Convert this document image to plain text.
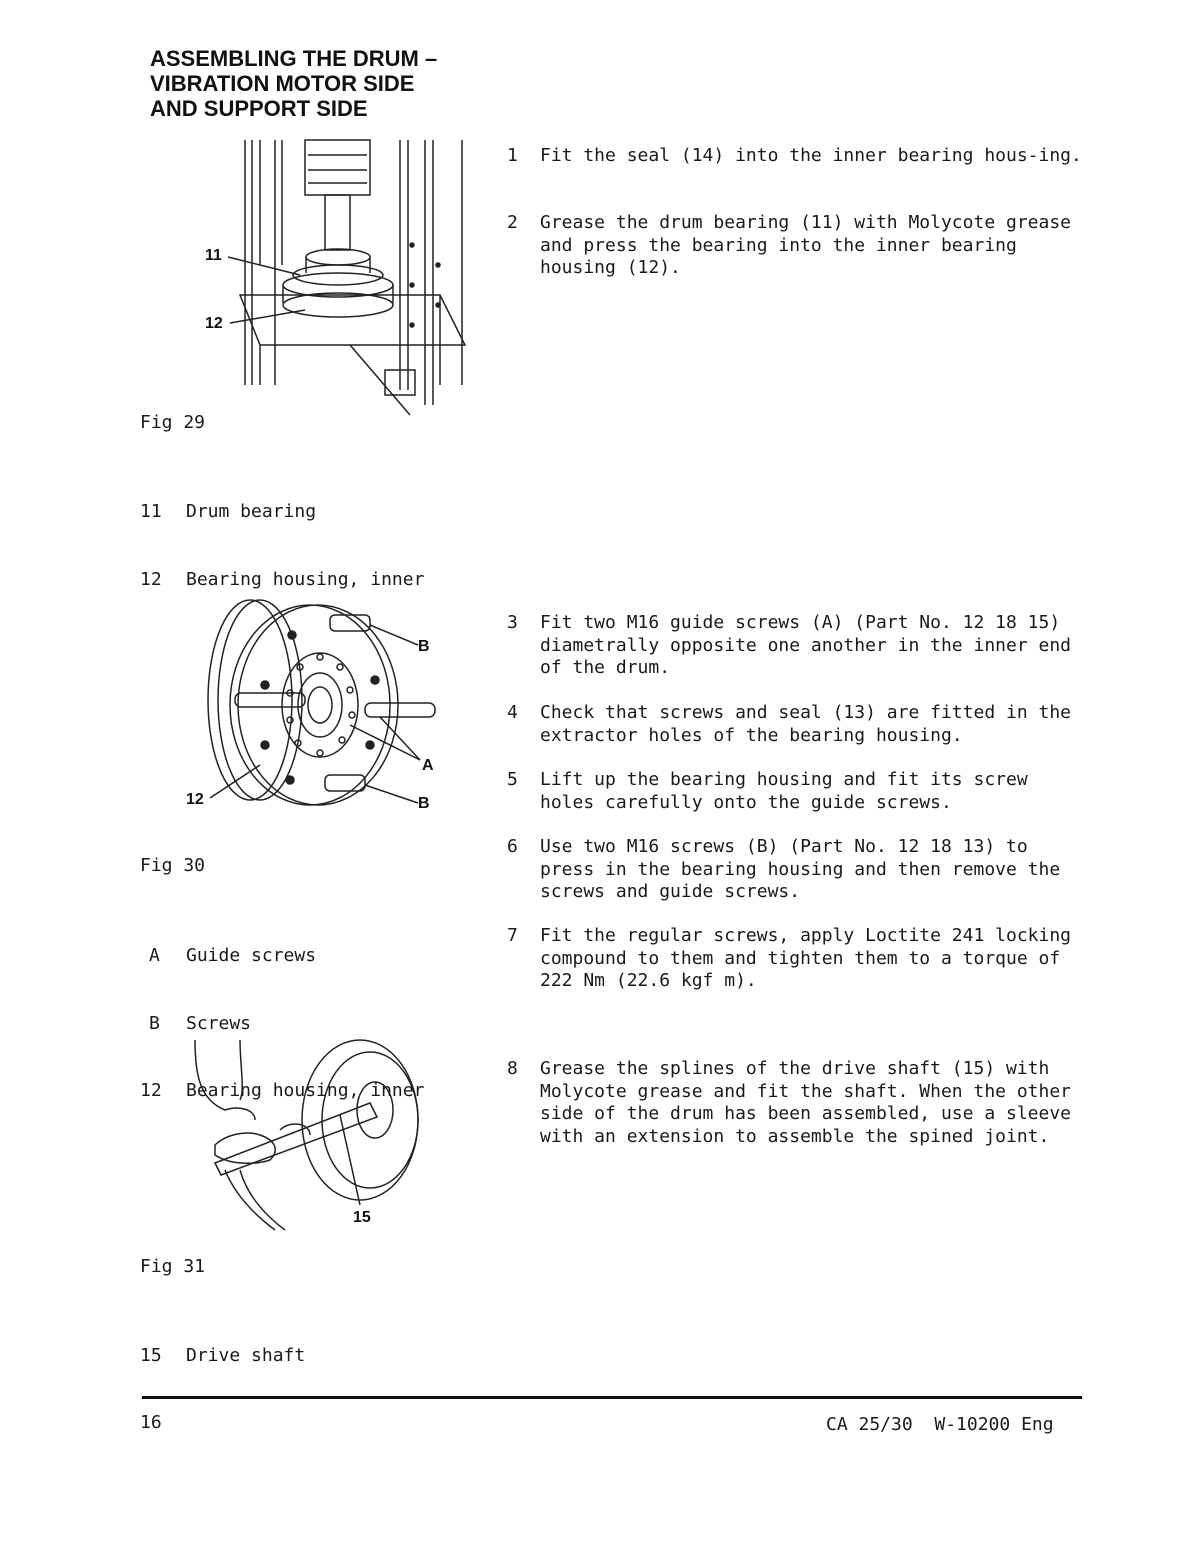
ASSEMBLING THE DRUM –
VIBRATION MOTOR SIDE
AND SUPPORT SIDE
11
12
Fig 29

11	Drum bearing

12	Bearing housing, inner

1	Fit the seal (14) into the inner bearing hous-ing.
2	Grease the drum bearing (11) with Molycote grease and press the bearing into the inner bearing housing (12).
B
A
B
12
Fig 30

A	Guide screws

B	Screws

12	Bearing housing, inner

3	Fit two M16 guide screws (A) (Part No. 12 18 15) diametrally opposite one another in the inner end of the drum.
4	Check that screws and seal (13) are fitted in the extractor holes of the bearing housing.
5	Lift up the bearing housing and fit its screw holes carefully onto the guide screws.
6	Use two M16 screws (B) (Part No. 12 18 13) to press in the bearing housing and then remove the screws and guide screws.
7	Fit the regular screws, apply Loctite 241 locking compound to them and tighten them to a torque of 222 Nm (22.6 kgf m).
15
Fig 31

15	Drive shaft

8	Grease the splines of the drive shaft (15) with Molycote grease and fit the shaft. When the other side of the drum has been assembled, use a sleeve with an extension to assemble the spined joint.
16	CA 25/30  W-10200 Eng
